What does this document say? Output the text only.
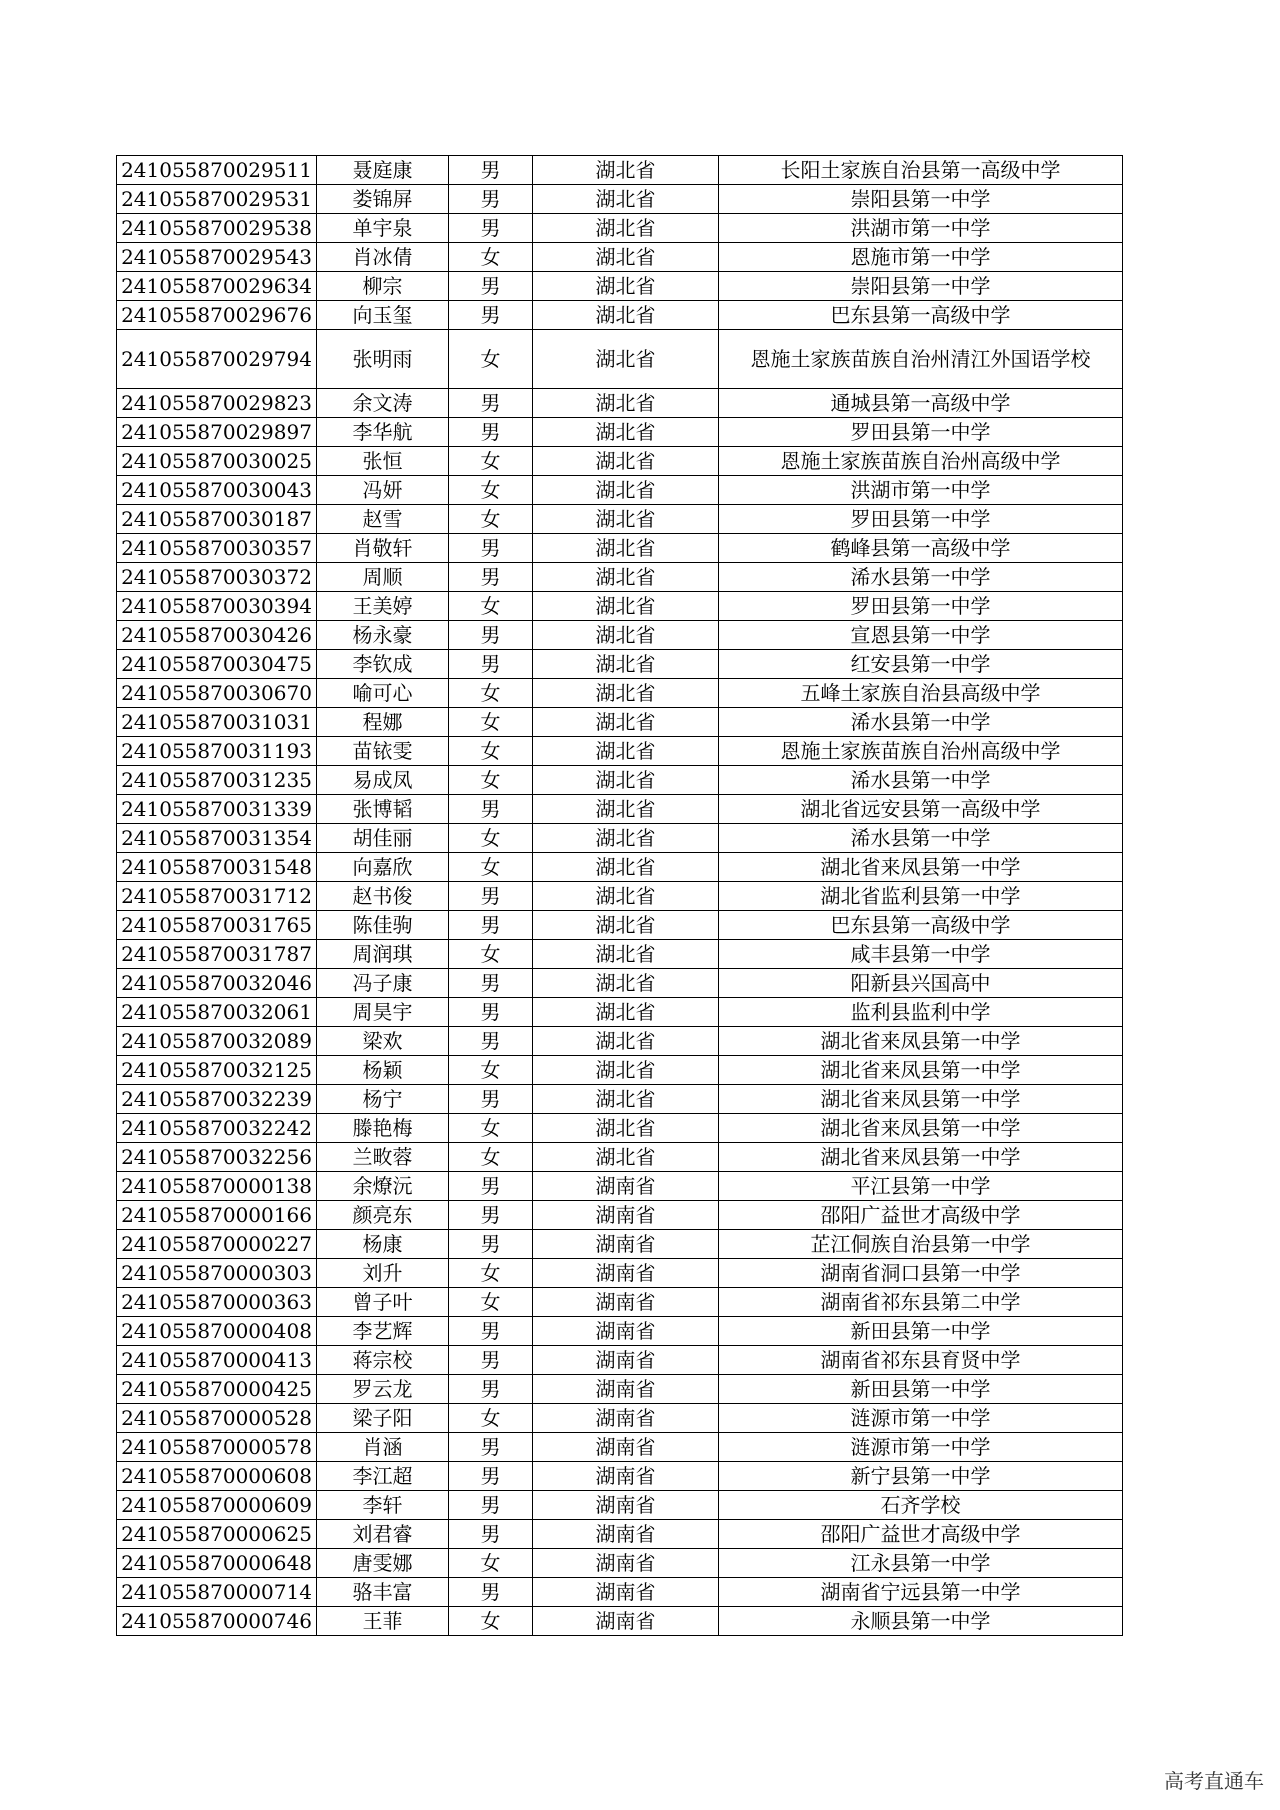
241055870029511	聂庭康	男	湖北省	长阳土家族自治县第一高级中学
241055870029531	娄锦屏	男	湖北省	崇阳县第一中学
241055870029538	单宇泉	男	湖北省	洪湖市第一中学
241055870029543	肖冰倩	女	湖北省	恩施市第一中学
241055870029634	柳宗	男	湖北省	崇阳县第一中学
241055870029676	向玉玺	男	湖北省	巴东县第一高级中学
241055870029794	张明雨	女	湖北省	恩施土家族苗族自治州清江外国语学校
241055870029823	余文涛	男	湖北省	通城县第一高级中学
241055870029897	李华航	男	湖北省	罗田县第一中学
241055870030025	张恒	女	湖北省	恩施土家族苗族自治州高级中学
241055870030043	冯妍	女	湖北省	洪湖市第一中学
241055870030187	赵雪	女	湖北省	罗田县第一中学
241055870030357	肖敬轩	男	湖北省	鹤峰县第一高级中学
241055870030372	周顺	男	湖北省	浠水县第一中学
241055870030394	王美婷	女	湖北省	罗田县第一中学
241055870030426	杨永豪	男	湖北省	宣恩县第一中学
241055870030475	李钦成	男	湖北省	红安县第一中学
241055870030670	喻可心	女	湖北省	五峰土家族自治县高级中学
241055870031031	程娜	女	湖北省	浠水县第一中学
241055870031193	苗铱雯	女	湖北省	恩施土家族苗族自治州高级中学
241055870031235	易成凤	女	湖北省	浠水县第一中学
241055870031339	张博韬	男	湖北省	湖北省远安县第一高级中学
241055870031354	胡佳丽	女	湖北省	浠水县第一中学
241055870031548	向嘉欣	女	湖北省	湖北省来凤县第一中学
241055870031712	赵书俊	男	湖北省	湖北省监利县第一中学
241055870031765	陈佳驹	男	湖北省	巴东县第一高级中学
241055870031787	周润琪	女	湖北省	咸丰县第一中学
241055870032046	冯子康	男	湖北省	阳新县兴国高中
241055870032061	周昊宇	男	湖北省	监利县监利中学
241055870032089	梁欢	男	湖北省	湖北省来凤县第一中学
241055870032125	杨颖	女	湖北省	湖北省来凤县第一中学
241055870032239	杨宁	男	湖北省	湖北省来凤县第一中学
241055870032242	滕艳梅	女	湖北省	湖北省来凤县第一中学
241055870032256	兰畋蓉	女	湖北省	湖北省来凤县第一中学
241055870000138	余燎沅	男	湖南省	平江县第一中学
241055870000166	颜亮东	男	湖南省	邵阳广益世才高级中学
241055870000227	杨康	男	湖南省	芷江侗族自治县第一中学
241055870000303	刘升	女	湖南省	湖南省洞口县第一中学
241055870000363	曾子叶	女	湖南省	湖南省祁东县第二中学
241055870000408	李艺辉	男	湖南省	新田县第一中学
241055870000413	蒋宗校	男	湖南省	湖南省祁东县育贤中学
241055870000425	罗云龙	男	湖南省	新田县第一中学
241055870000528	梁子阳	女	湖南省	涟源市第一中学
241055870000578	肖涵	男	湖南省	涟源市第一中学
241055870000608	李江超	男	湖南省	新宁县第一中学
241055870000609	李轩	男	湖南省	石齐学校
241055870000625	刘君睿	男	湖南省	邵阳广益世才高级中学
241055870000648	唐雯娜	女	湖南省	江永县第一中学
241055870000714	骆丰富	男	湖南省	湖南省宁远县第一中学
241055870000746	王菲	女	湖南省	永顺县第一中学
高考直通车
